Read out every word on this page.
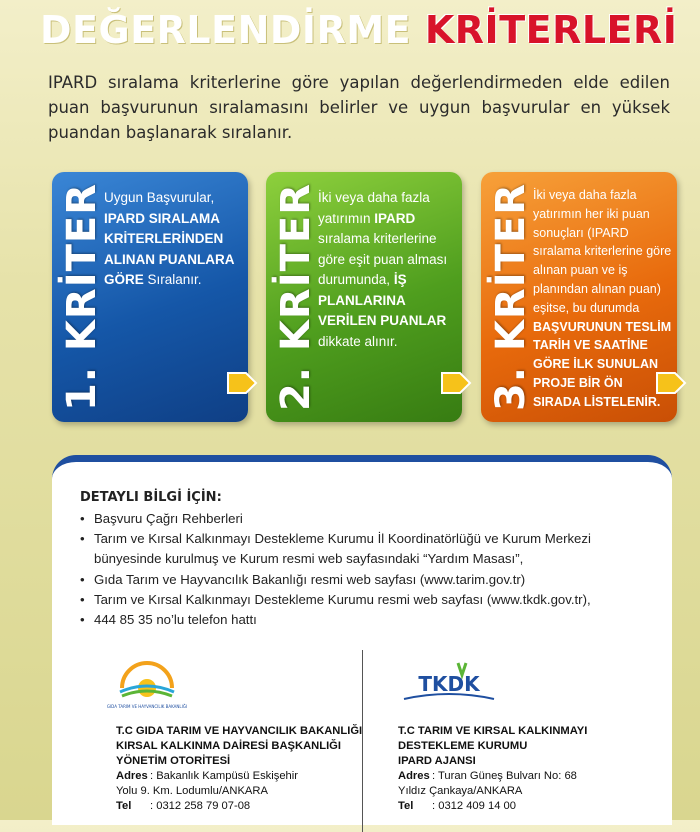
DEĞERLENDİRME KRİTERLERİ

IPARD sıralama kriterlerine göre yapılan değerlendirmeden elde edilen puan başvurunun sıralamasını belirler ve uygun başvurular en yüksek puandan başlanarak sıralanır.

1. KRİTER
Uygun Başvurular, IPARD SIRALAMA KRİTERLERİNDEN ALINAN PUANLARA GÖRE Sıralanır.	2. KRİTER
İki veya daha fazla yatırımın IPARD sıralama kriterlerine göre eşit puan alması durumunda, İŞ PLANLARINA VERİLEN PUANLAR dikkate alınır.	3. KRİTER
İki veya daha fazla yatırımın her iki puan sonuçları (IPARD sıralama kriterlerine göre alınan puan ve iş planından alınan puan) eşitse, bu durumda BAŞVURUNUN TESLİM TARİH VE SAATİNE GÖRE İLK SUNULAN PROJE BİR ÖN SIRADA LİSTELENİR.
DETAYLI BİLGİ İÇİN:
• Başvuru Çağrı Rehberleri
• Tarım ve Kırsal Kalkınmayı Destekleme Kurumu İl Koordinatörlüğü ve Kurum Merkezi bünyesinde kurulmuş ve Kurum resmi web sayfasındaki “Yardım Masası”,
• Gıda Tarım ve Hayvancılık Bakanlığı resmi web sayfası (www.tarim.gov.tr)
• Tarım ve Kırsal Kalkınmayı Destekleme Kurumu resmi web sayfası (www.tkdk.gov.tr),
• 444 85 35 no’lu telefon hattı
GIDA TARIM VE HAYVANCILIK BAKANLIĞI
TKDK
T.C GIDA TARIM VE HAYVANCILIK BAKANLIĞI
KIRSAL KALKINMA DAİRESİ BAŞKANLIĞI
YÖNETİM OTORİTESİ
Adres : Bakanlık Kampüsü Eskişehir
Yolu 9. Km. Lodumlu/ANKARA
Tel	: 0312 258 79 07-08
T.C TARIM VE KIRSAL KALKINMAYI
DESTEKLEME KURUMU
IPARD AJANSI
Adres : Turan Güneş Bulvarı No: 68
Yıldız Çankaya/ANKARA
Tel	: 0312 409 14 00
